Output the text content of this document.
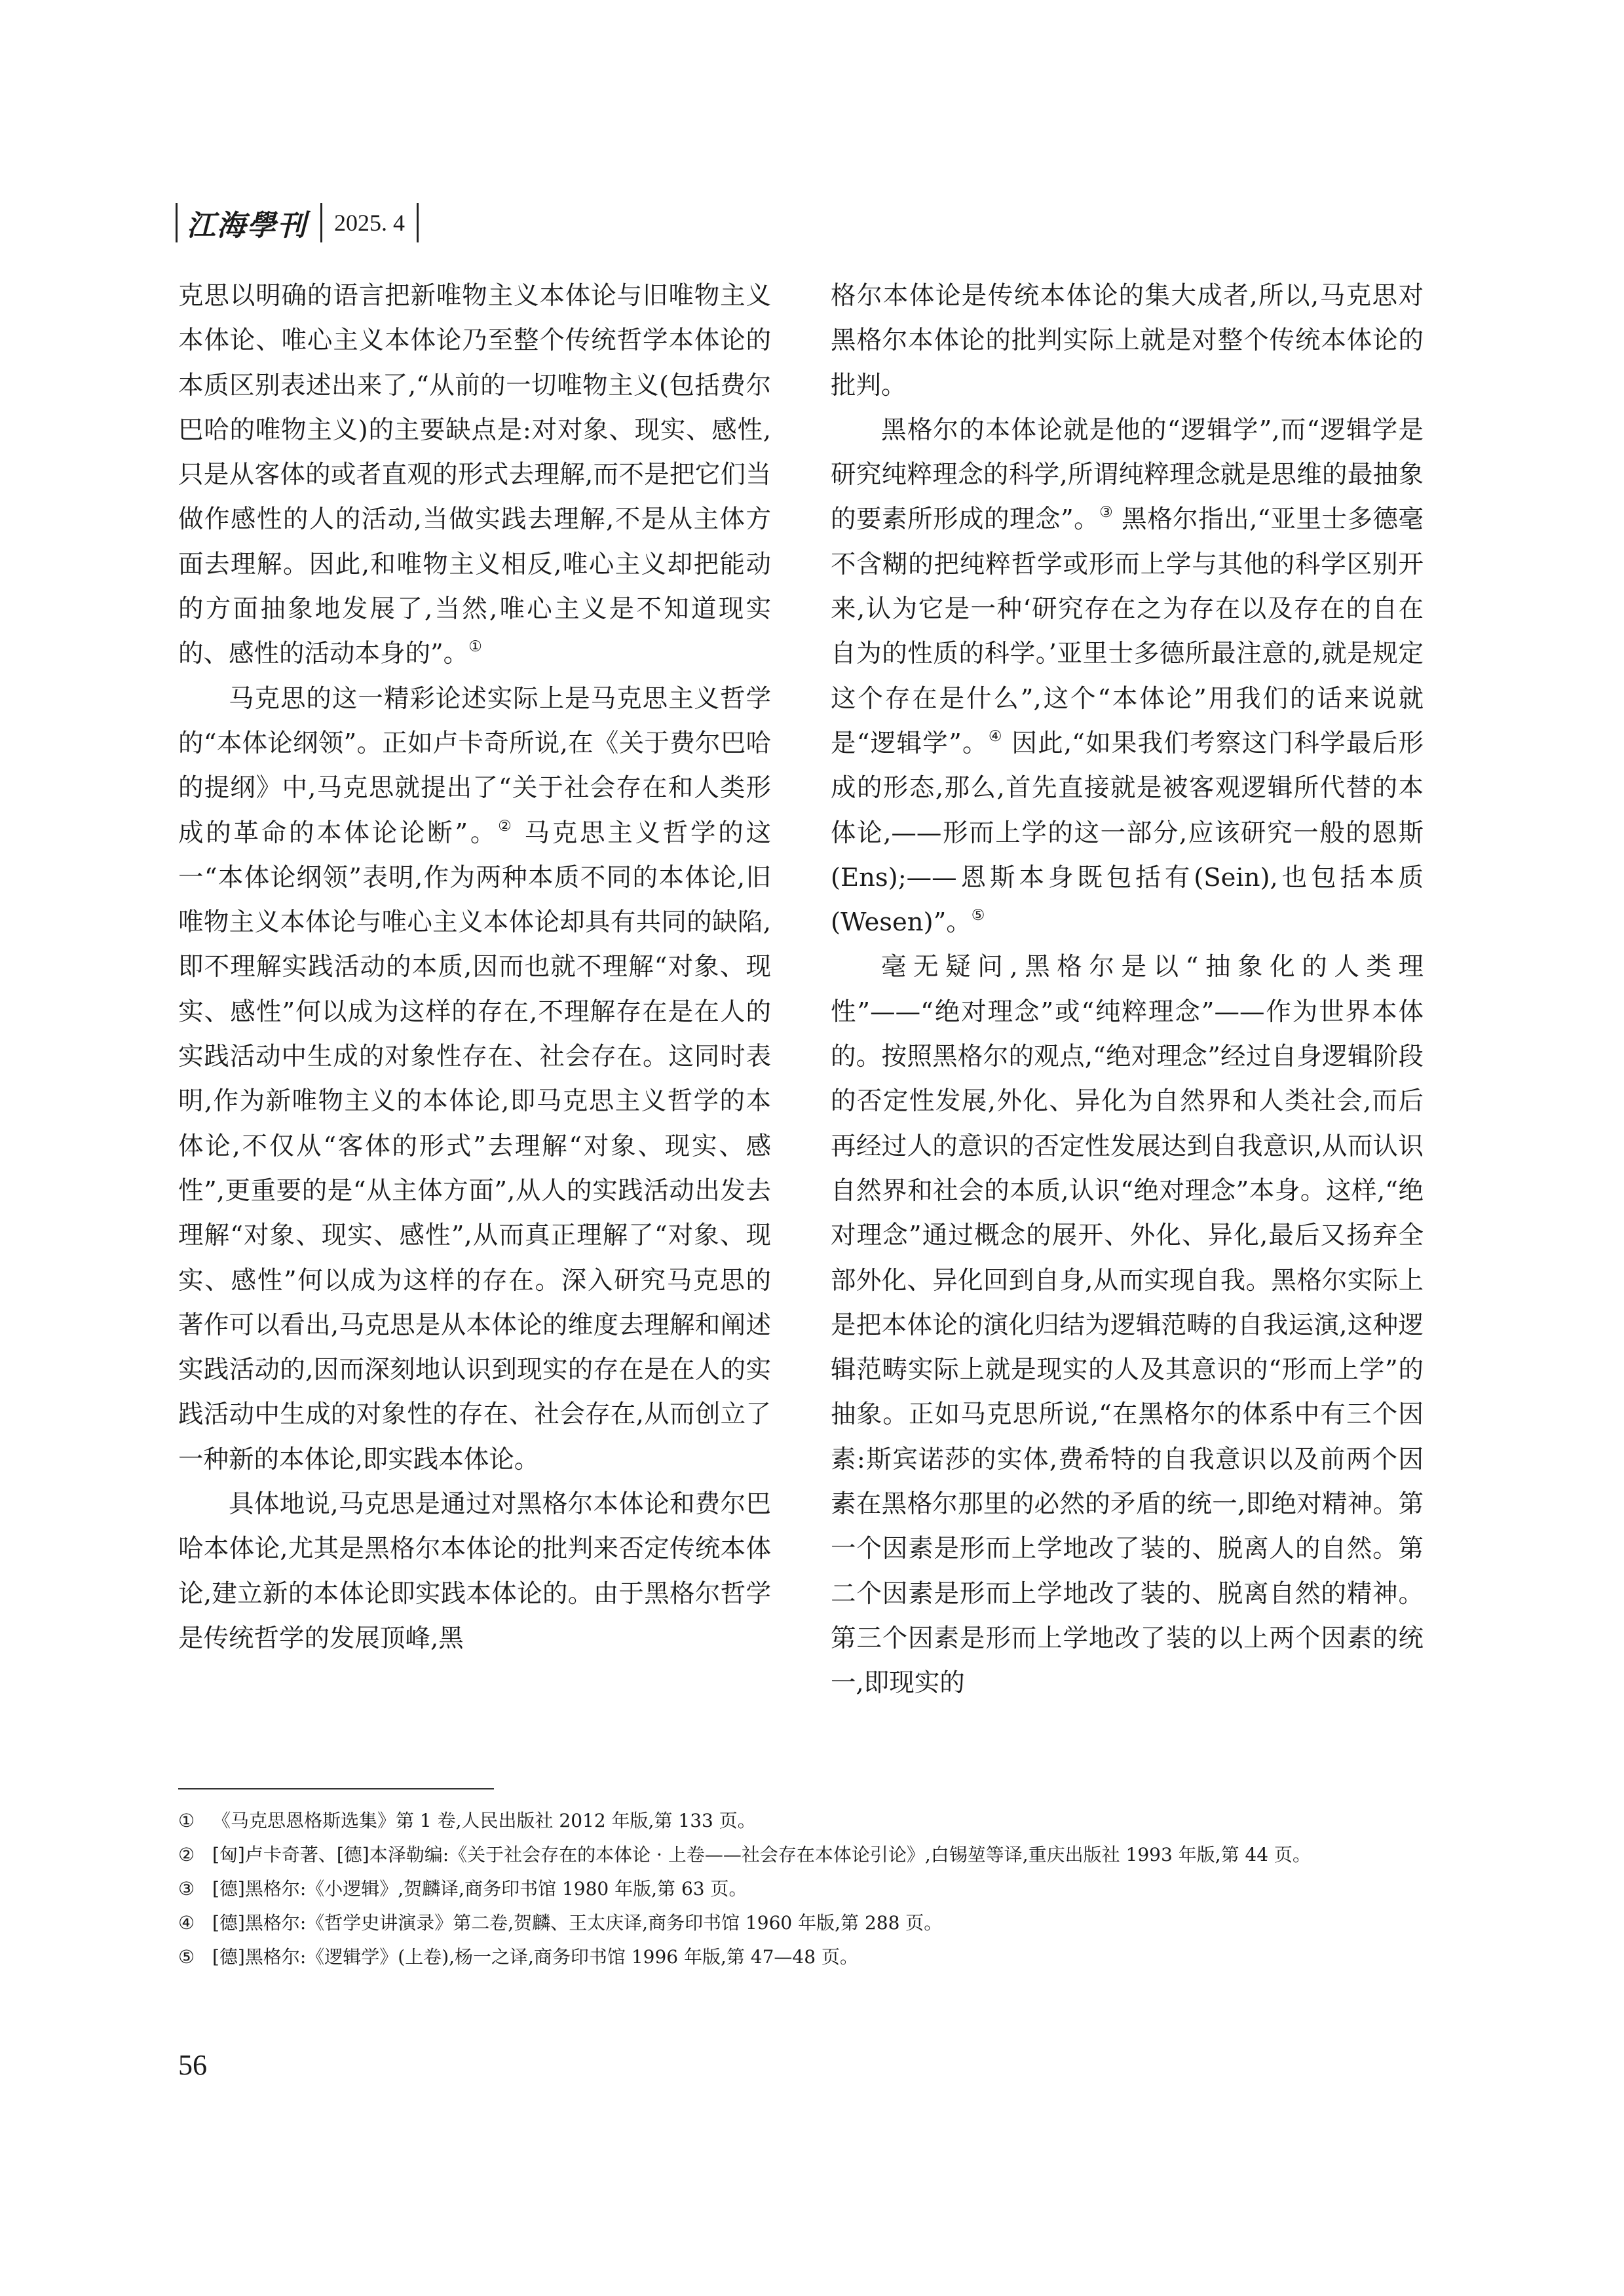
江海學刊	2025. 4

克思以明确的语言把新唯物主义本体论与旧唯物主义本体论、唯心主义本体论乃至整个传统哲学本体论的本质区别表述出来了,“从前的一切唯物主义(包括费尔巴哈的唯物主义)的主要缺点是:对对象、现实、感性,只是从客体的或者直观的形式去理解,而不是把它们当做作感性的人的活动,当做实践去理解,不是从主体方面去理解。因此,和唯物主义相反,唯心主义却把能动的方面抽象地发展了,当然,唯心主义是不知道现实的、感性的活动本身的”。①

马克思的这一精彩论述实际上是马克思主义哲学的“本体论纲领”。正如卢卡奇所说,在《关于费尔巴哈的提纲》中,马克思就提出了“关于社会存在和人类形成的革命的本体论论断”。② 马克思主义哲学的这一“本体论纲领”表明,作为两种本质不同的本体论,旧唯物主义本体论与唯心主义本体论却具有共同的缺陷,即不理解实践活动的本质,因而也就不理解“对象、现实、感性”何以成为这样的存在,不理解存在是在人的实践活动中生成的对象性存在、社会存在。这同时表明,作为新唯物主义的本体论,即马克思主义哲学的本体论,不仅从“客体的形式”去理解“对象、现实、感性”,更重要的是“从主体方面”,从人的实践活动出发去理解“对象、现实、感性”,从而真正理解了“对象、现实、感性”何以成为这样的存在。深入研究马克思的著作可以看出,马克思是从本体论的维度去理解和阐述实践活动的,因而深刻地认识到现实的存在是在人的实践活动中生成的对象性的存在、社会存在,从而创立了一种新的本体论,即实践本体论。

具体地说,马克思是通过对黑格尔本体论和费尔巴哈本体论,尤其是黑格尔本体论的批判来否定传统本体论,建立新的本体论即实践本体论的。由于黑格尔哲学是传统哲学的发展顶峰,黑

格尔本体论是传统本体论的集大成者,所以,马克思对黑格尔本体论的批判实际上就是对整个传统本体论的批判。

黑格尔的本体论就是他的“逻辑学”,而“逻辑学是研究纯粹理念的科学,所谓纯粹理念就是思维的最抽象的要素所形成的理念”。③ 黑格尔指出,“亚里士多德毫不含糊的把纯粹哲学或形而上学与其他的科学区别开来,认为它是一种‘研究存在之为存在以及存在的自在自为的性质的科学。’亚里士多德所最注意的,就是规定这个存在是什么”,这个“本体论”用我们的话来说就是“逻辑学”。④ 因此,“如果我们考察这门科学最后形成的形态,那么,首先直接就是被客观逻辑所代替的本体论,——形而上学的这一部分,应该研究一般的恩斯(Ens);——恩斯本身既包括有(Sein),也包括本质(Wesen)”。⑤

毫无疑问,黑格尔是以“抽象化的人类理性”——“绝对理念”或“纯粹理念”——作为世界本体的。按照黑格尔的观点,“绝对理念”经过自身逻辑阶段的否定性发展,外化、异化为自然界和人类社会,而后再经过人的意识的否定性发展达到自我意识,从而认识自然界和社会的本质,认识“绝对理念”本身。这样,“绝对理念”通过概念的展开、外化、异化,最后又扬弃全部外化、异化回到自身,从而实现自我。黑格尔实际上是把本体论的演化归结为逻辑范畴的自我运演,这种逻辑范畴实际上就是现实的人及其意识的“形而上学”的抽象。正如马克思所说,“在黑格尔的体系中有三个因素:斯宾诺莎的实体,费希特的自我意识以及前两个因素在黑格尔那里的必然的矛盾的统一,即绝对精神。第一个因素是形而上学地改了装的、脱离人的自然。第二个因素是形而上学地改了装的、脱离自然的精神。第三个因素是形而上学地改了装的以上两个因素的统一,即现实的

① 《马克思恩格斯选集》第 1 卷,人民出版社 2012 年版,第 133 页。
② [匈]卢卡奇著、[德]本泽勒编:《关于社会存在的本体论 · 上卷——社会存在本体论引论》,白锡堃等译,重庆出版社 1993 年版,第 44 页。
③ [德]黑格尔:《小逻辑》,贺麟译,商务印书馆 1980 年版,第 63 页。
④ [德]黑格尔:《哲学史讲演录》第二卷,贺麟、王太庆译,商务印书馆 1960 年版,第 288 页。
⑤ [德]黑格尔:《逻辑学》(上卷),杨一之译,商务印书馆 1996 年版,第 47—48 页。
56
